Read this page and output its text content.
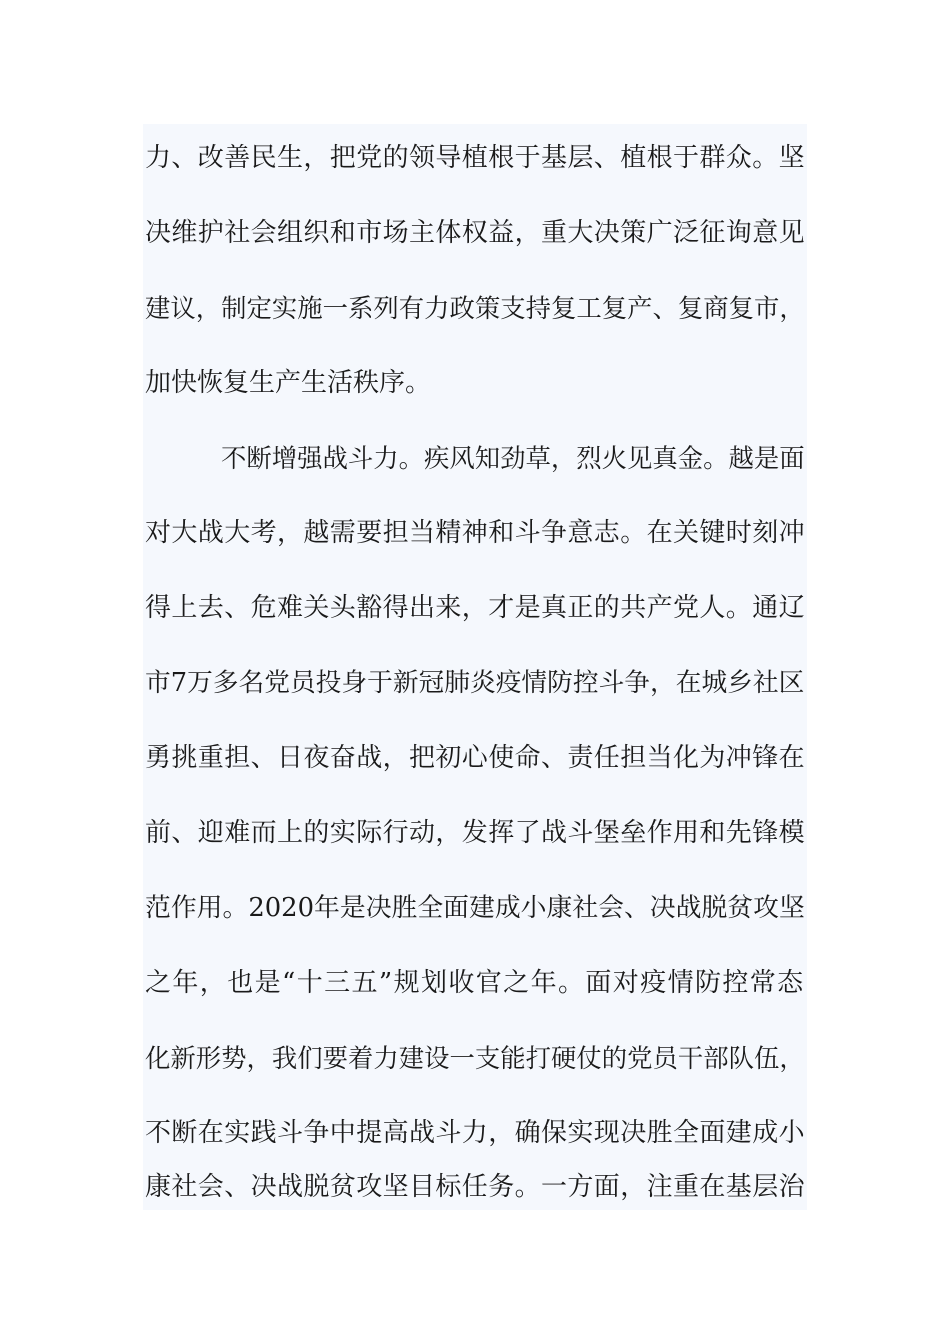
力、改善民生，把党的领导植根于基层、植根于群众。坚
决维护社会组织和市场主体权益，重大决策广泛征询意见
建议，制定实施一系列有力政策支持复工复产、复商复市，
加快恢复生产生活秩序。
不断增强战斗力。疾风知劲草，烈火见真金。越是面
对大战大考，越需要担当精神和斗争意志。在关键时刻冲
得上去、危难关头豁得出来，才是真正的共产党人。通辽
市7万多名党员投身于新冠肺炎疫情防控斗争，在城乡社区
勇挑重担、日夜奋战，把初心使命、责任担当化为冲锋在
前、迎难而上的实际行动，发挥了战斗堡垒作用和先锋模
范作用。2020年是决胜全面建成小康社会、决战脱贫攻坚
之年，也是“十三五”规划收官之年。面对疫情防控常态
化新形势，我们要着力建设一支能打硬仗的党员干部队伍，
不断在实践斗争中提高战斗力，确保实现决胜全面建成小
康社会、决战脱贫攻坚目标任务。一方面，注重在基层治
